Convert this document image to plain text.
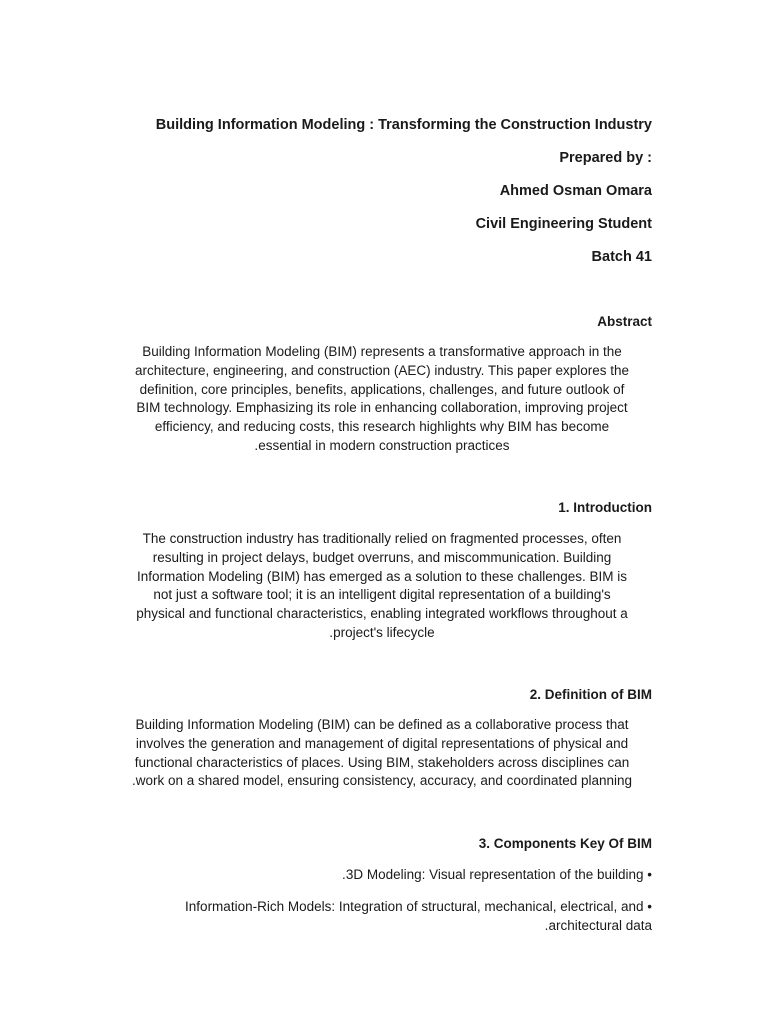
Building Information Modeling : Transforming the Construction Industry
Prepared by :
Ahmed Osman Omara
Civil Engineering Student
Batch 41
Abstract
Building Information Modeling (BIM) represents a transformative approach in the
architecture, engineering, and construction (AEC) industry. This paper explores the
definition, core principles, benefits, applications, challenges, and future outlook of
BIM technology. Emphasizing its role in enhancing collaboration, improving project
efficiency, and reducing costs, this research highlights why BIM has become
essential in modern construction practices.
1. Introduction
The construction industry has traditionally relied on fragmented processes, often
resulting in project delays, budget overruns, and miscommunication. Building
Information Modeling (BIM) has emerged as a solution to these challenges. BIM is
not just a software tool; it is an intelligent digital representation of a building's
physical and functional characteristics, enabling integrated workflows throughout a
project's lifecycle.
2. Definition of BIM
Building Information Modeling (BIM) can be defined as a collaborative process that
involves the generation and management of digital representations of physical and
functional characteristics of places. Using BIM, stakeholders across disciplines can
work on a shared model, ensuring consistency, accuracy, and coordinated planning.
3. Components Key Of BIM
• 3D Modeling: Visual representation of the building.
• Information-Rich Models: Integration of structural, mechanical, electrical, and
architectural data.
